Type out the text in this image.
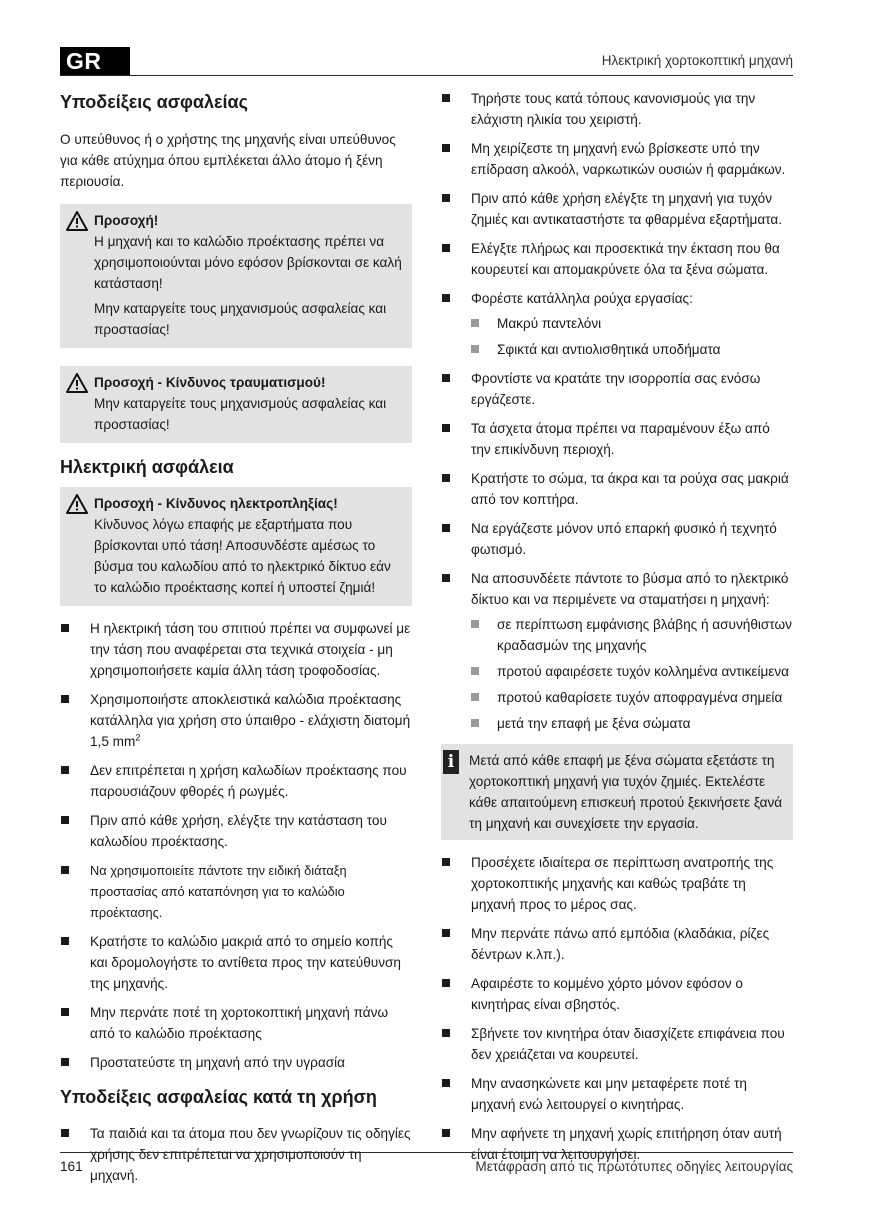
GR	Ηλεκτρική χορτοκοπτική μηχανή
Υποδείξεις ασφαλείας

Ο υπεύθυνος ή ο χρήστης της μηχανής είναι υπεύθυνος για κάθε ατύχημα όπου εμπλέκεται άλλο άτομο ή ξένη περιουσία.

Προσοχή!
Η μηχανή και το καλώδιο προέκτασης πρέπει να χρησιμοποιούνται μόνο εφόσον βρίσκονται σε καλή κατάσταση!
Μην καταργείτε τους μηχανισμούς ασφαλείας και προστασίας!
Προσοχή - Κίνδυνος τραυματισμού!
Μην καταργείτε τους μηχανισμούς ασφαλείας και προστασίας!
Ηλεκτρική ασφάλεια
Προσοχή - Κίνδυνος ηλεκτροπληξίας!
Κίνδυνος λόγω επαφής με εξαρτήματα που βρίσκονται υπό τάση! Αποσυνδέστε αμέσως το βύσμα του καλωδίου από το ηλεκτρικό δίκτυο εάν το καλώδιο προέκτασης κοπεί ή υποστεί ζημιά!
Η ηλεκτρική τάση του σπιτιού πρέπει να συμφωνεί με την τάση που αναφέρεται στα τεχνικά στοιχεία - μη χρησιμοποιήσετε καμία άλλη τάση τροφοδοσίας.
Χρησιμοποιήστε αποκλειστικά καλώδια προέκτασης κατάλληλα για χρήση στο ύπαιθρο - ελάχιστη διατομή 1,5 $mm^2$
Δεν επιτρέπεται η χρήση καλωδίων προέκτασης που παρουσιάζουν φθορές ή ρωγμές.
Πριν από κάθε χρήση, ελέγξτε την κατάσταση του καλωδίου προέκτασης.
Να χρησιμοποιείτε πάντοτε την ειδική διάταξη προστασίας από καταπόνηση για το καλώδιο προέκτασης.
Κρατήστε το καλώδιο μακριά από το σημείο κοπής και δρομολογήστε το αντίθετα προς την κατεύθυνση της μηχανής.
Μην περνάτε ποτέ τη χορτοκοπτική μηχανή πάνω από το καλώδιο προέκτασης
Προστατεύστε τη μηχανή από την υγρασία
Υποδείξεις ασφαλείας κατά τη χρήση
Τα παιδιά και τα άτομα που δεν γνωρίζουν τις οδηγίες χρήσης δεν επιτρέπεται να χρησιμοποιούν τη μηχανή.
Τηρήστε τους κατά τόπους κανονισμούς για την ελάχιστη ηλικία του χειριστή.
Μη χειρίζεστε τη μηχανή ενώ βρίσκεστε υπό την επίδραση αλκοόλ, ναρκωτικών ουσιών ή φαρμάκων.
Πριν από κάθε χρήση ελέγξτε τη μηχανή για τυχόν ζημιές και αντικαταστήστε τα φθαρμένα εξαρτήματα.
Ελέγξτε πλήρως και προσεκτικά την έκταση που θα κουρευτεί και απομακρύνετε όλα τα ξένα σώματα.
Φορέστε κατάλληλα ρούχα εργασίας:
Μακρύ παντελόνι
Σφικτά και αντιολισθητικά υποδήματα
Φροντίστε να κρατάτε την ισορροπία σας ενόσω εργάζεστε.
Τα άσχετα άτομα πρέπει να παραμένουν έξω από την επικίνδυνη περιοχή.
Κρατήστε το σώμα, τα άκρα και τα ρούχα σας μακριά από τον κοπτήρα.
Να εργάζεστε μόνον υπό επαρκή φυσικό ή τεχνητό φωτισμό.
Να αποσυνδέετε πάντοτε το βύσμα από το ηλεκτρικό δίκτυο και να περιμένετε να σταματήσει η μηχανή:
σε περίπτωση εμφάνισης βλάβης ή ασυνήθιστων κραδασμών της μηχανής
προτού αφαιρέσετε τυχόν κολλημένα αντικείμενα
προτού καθαρίσετε τυχόν αποφραγμένα σημεία
μετά την επαφή με ξένα σώματα
i	Μετά από κάθε επαφή με ξένα σώματα εξετάστε τη χορτοκοπτική μηχανή για τυχόν ζημιές. Εκτελέστε κάθε απαιτούμενη επισκευή προτού ξεκινήσετε ξανά τη μηχανή και συνεχίσετε την εργασία.
Προσέχετε ιδιαίτερα σε περίπτωση ανατροπής της χορτοκοπτικής μηχανής και καθώς τραβάτε τη μηχανή προς το μέρος σας.
Μην περνάτε πάνω από εμπόδια (κλαδάκια, ρίζες δέντρων κ.λπ.).
Αφαιρέστε το κομμένο χόρτο μόνον εφόσον ο κινητήρας είναι σβηστός.
Σβήνετε τον κινητήρα όταν διασχίζετε επιφάνεια που δεν χρειάζεται να κουρευτεί.
Μην ανασηκώνετε και μην μεταφέρετε ποτέ τη μηχανή ενώ λειτουργεί ο κινητήρας.
Μην αφήνετε τη μηχανή χωρίς επιτήρηση όταν αυτή είναι έτοιμη να λειτουργήσει.
161	Μετάφραση από τις πρωτότυπες οδηγίες λειτουργίας
